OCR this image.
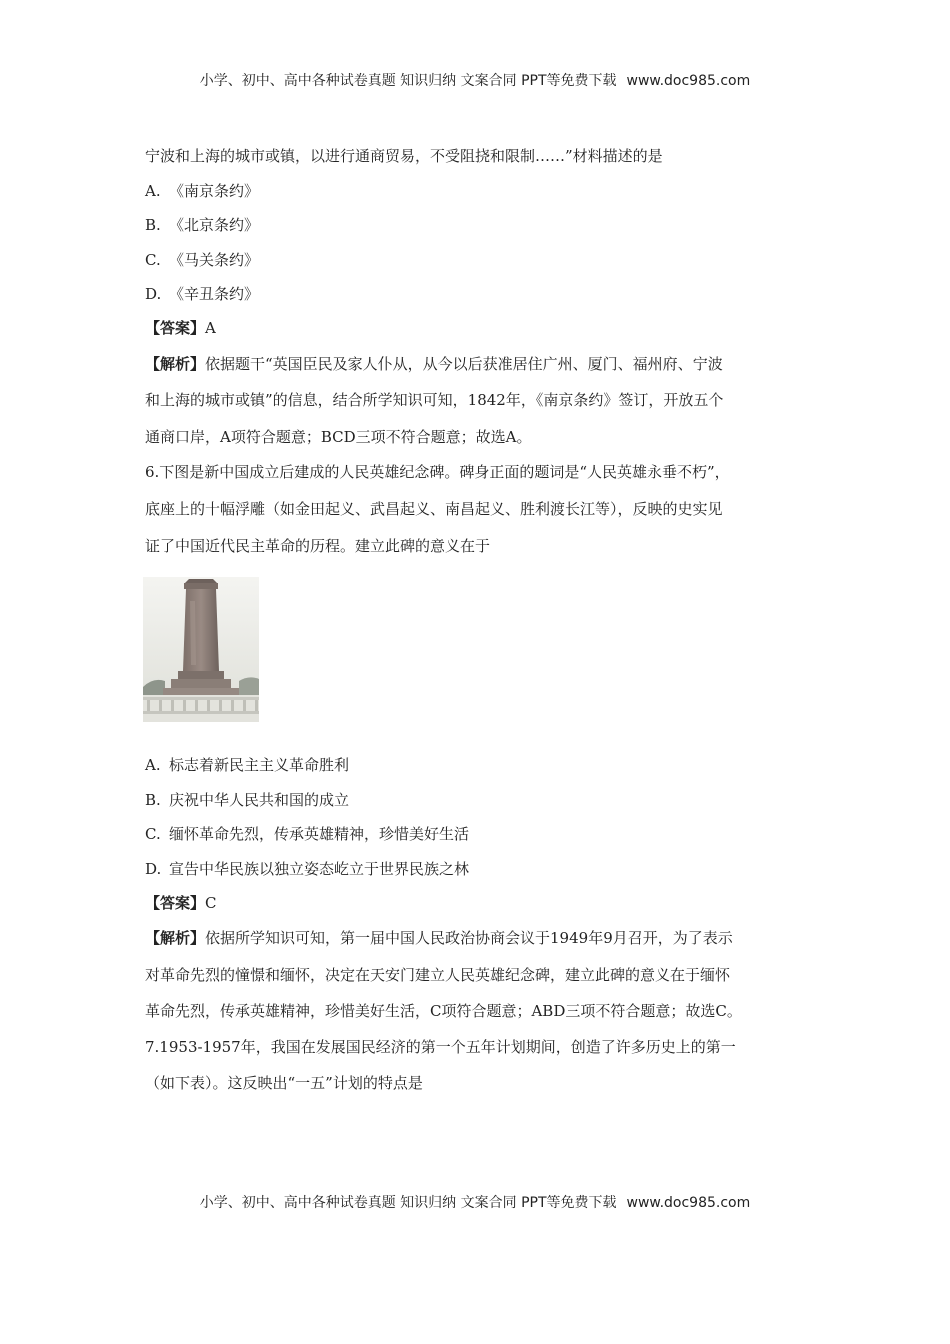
小学、初中、高中各种试卷真题 知识归纳 文案合同 PPT等免费下载 www.doc985.com
宁波和上海的城市或镇，以进行通商贸易，不受阻挠和限制……”材料描述的是
A. 《南京条约》
B. 《北京条约》
C. 《马关条约》
D. 《辛丑条约》
【答案】A
【解析】依据题干“英国臣民及家人仆从，从今以后获准居住广州、厦门、福州府、宁波
和上海的城市或镇”的信息，结合所学知识可知，1842年，《南京条约》签订，开放五个
通商口岸，A项符合题意；BCD三项不符合题意；故选A。
6.下图是新中国成立后建成的人民英雄纪念碑。碑身正面的题词是“人民英雄永垂不朽”，
底座上的十幅浮雕（如金田起义、武昌起义、南昌起义、胜利渡长江等），反映的史实见
证了中国近代民主革命的历程。建立此碑的意义在于
A. 标志着新民主主义革命胜利
B. 庆祝中华人民共和国的成立
C. 缅怀革命先烈，传承英雄精神，珍惜美好生活
D. 宣告中华民族以独立姿态屹立于世界民族之林
【答案】C
【解析】依据所学知识可知，第一届中国人民政治协商会议于1949年9月召开，为了表示
对革命先烈的憧憬和缅怀，决定在天安门建立人民英雄纪念碑，建立此碑的意义在于缅怀
革命先烈，传承英雄精神，珍惜美好生活，C项符合题意；ABD三项不符合题意；故选C。
7.1953-1957年，我国在发展国民经济的第一个五年计划期间，创造了许多历史上的第一
（如下表）。这反映出“一五”计划的特点是
小学、初中、高中各种试卷真题 知识归纳 文案合同 PPT等免费下载 www.doc985.com
